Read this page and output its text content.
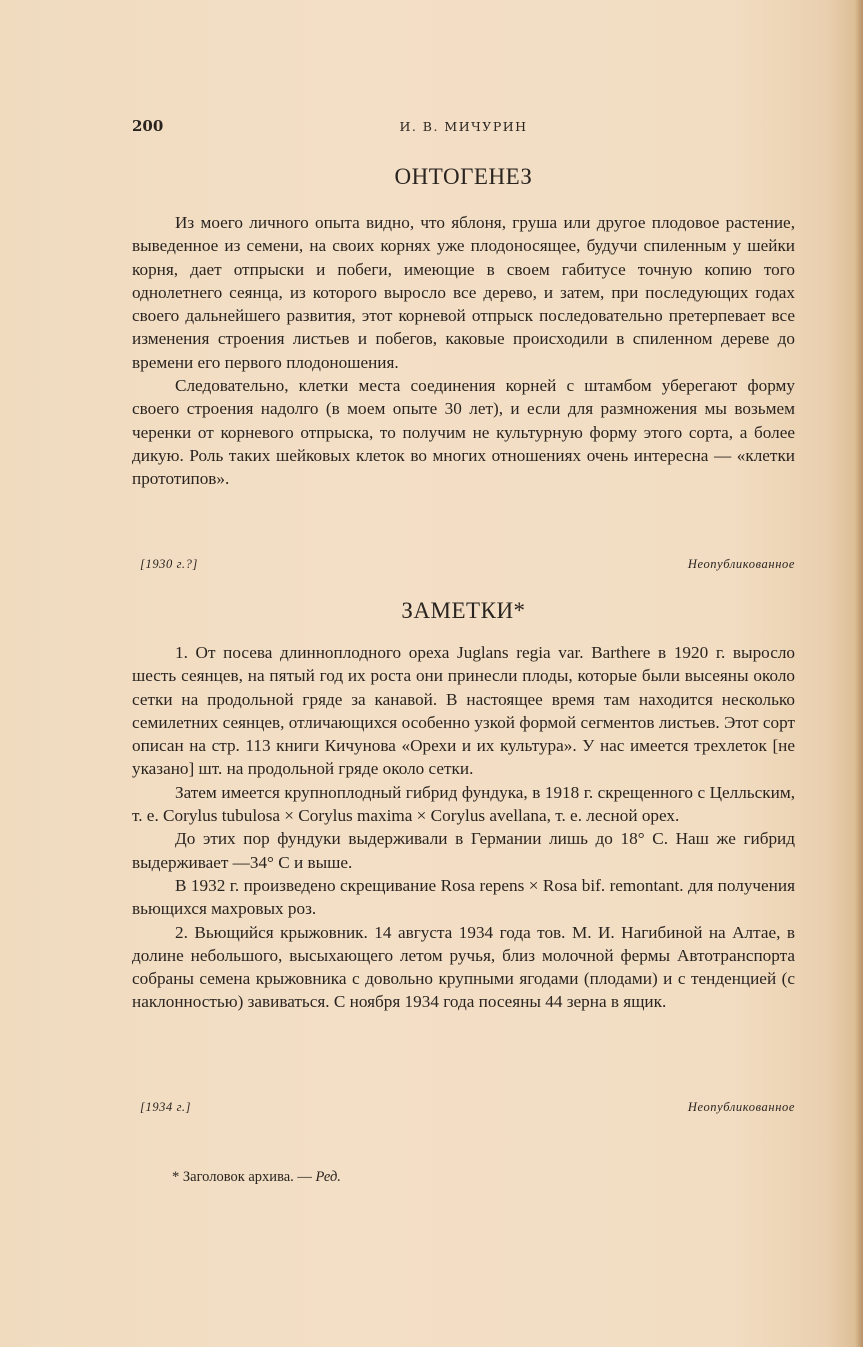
200	И. В. МИЧУРИН
ОНТОГЕНЕЗ

Из моего личного опыта видно, что яблоня, груша или другое плодовое растение, выведенное из семени, на своих корнях уже плодоносящее, будучи спиленным у шейки корня, дает отпрыски и побеги, имеющие в своем габитусе точную копию того однолетнего сеянца, из которого выросло все дерево, и затем, при последующих годах своего дальнейшего развития, этот корневой отпрыск последовательно претерпевает все изменения строения листьев и побегов, каковые происходили в спиленном дереве до времени его первого плодоношения.

Следовательно, клетки места соединения корней с штамбом уберегают форму своего строения надолго (в моем опыте 30 лет), и если для размножения мы возьмем черенки от корневого отпрыска, то получим не культурную форму этого сорта, а более дикую. Роль таких шейковых клеток во многих отношениях очень интересна — «клетки прототипов».

[1930 г.?]	Неопубликованное
ЗАМЕТКИ*

1. От посева длинноплодного ореха Juglans regia var. Barthere в 1920 г. выросло шесть сеянцев, на пятый год их роста они принесли плоды, которые были высеяны около сетки на продольной гряде за канавой. В настоящее время там находится несколько семилетних сеянцев, отличающихся особенно узкой формой сегментов листьев. Этот сорт описан на стр. 113 книги Кичунова «Орехи и их культура». У нас имеется трехлеток [не указано] шт. на продольной гряде около сетки.

Затем имеется крупноплодный гибрид фундука, в 1918 г. скрещенного с Целльским, т. е. Corylus tubulosa × Corylus maxima × Corylus avellana, т. е. лесной орех.

До этих пор фундуки выдерживали в Германии лишь до 18° С. Наш же гибрид выдерживает —34° С и выше.

В 1932 г. произведено скрещивание Rosa repens × Rosa bif. remontant. для получения вьющихся махровых роз.

2. Вьющийся крыжовник. 14 августа 1934 года тов. М. И. Нагибиной на Алтае, в долине небольшого, высыхающего летом ручья, близ молочной фермы Автотранспорта собраны семена крыжовника с довольно крупными ягодами (плодами) и с тенденцией (с наклонностью) завиваться. С ноября 1934 года посеяны 44 зерна в ящик.

[1934 г.]	Неопубликованное
* Заголовок архива. — Ред.
